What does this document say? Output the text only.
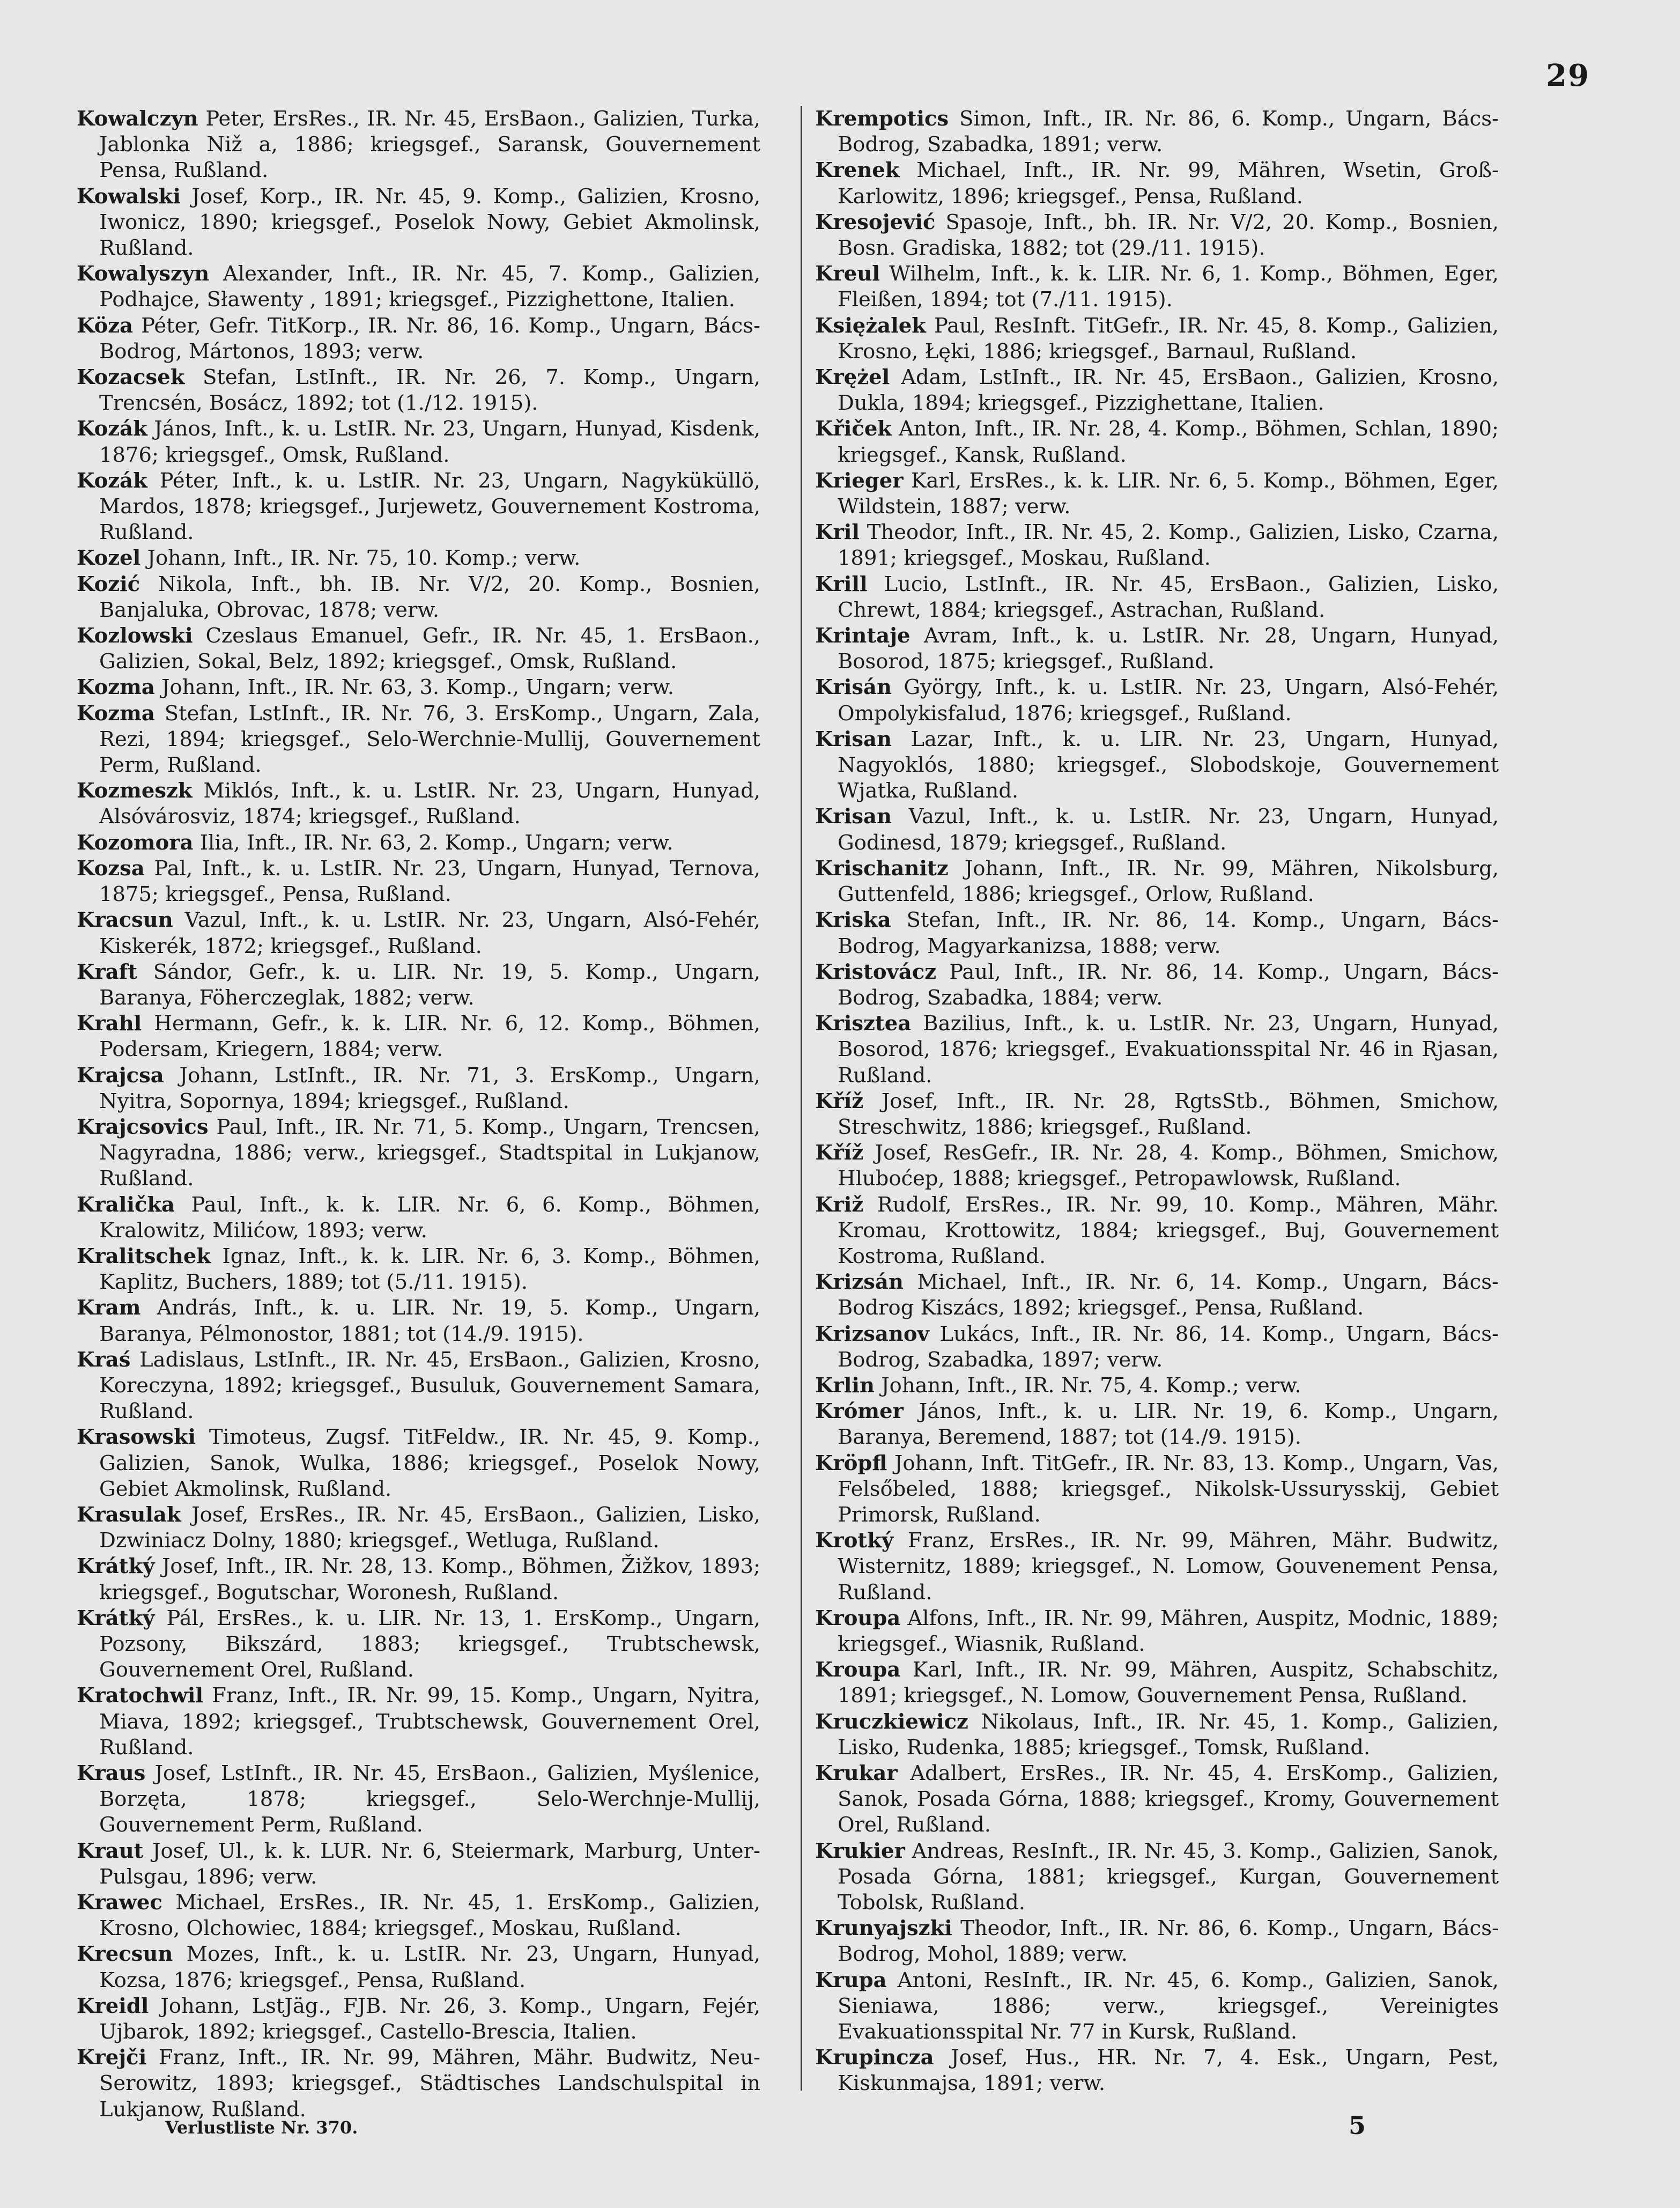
29

Kowalczyn Peter, ErsRes., IR. Nr. 45, ErsBaon., Galizien, Turka, Jablonka Niž a, 1886; kriegsgef., Saransk, Gouvernement Pensa, Rußland.

Kowalski Josef, Korp., IR. Nr. 45, 9. Komp., Galizien, Krosno, Iwonicz, 1890; kriegsgef., Poselok Nowy, Gebiet Akmolinsk, Rußland.

Kowalyszyn Alexander, Inft., IR. Nr. 45, 7. Komp., Galizien, Podhajce, Sławenty , 1891; kriegsgef., Pizzighettone, Italien.

Köza Péter, Gefr. TitKorp., IR. Nr. 86, 16. Komp., Ungarn, Bács-Bodrog, Mártonos, 1893; verw.

Kozacsek Stefan, LstInft., IR. Nr. 26, 7. Komp., Ungarn, Trencsén, Bosácz, 1892; tot (1./12. 1915).

Kozák János, Inft., k. u. LstIR. Nr. 23, Ungarn, Hunyad, Kisdenk, 1876; kriegsgef., Omsk, Rußland.

Kozák Péter, Inft., k. u. LstIR. Nr. 23, Ungarn, Nagyküküllö, Mardos, 1878; kriegsgef., Jurjewetz, Gouvernement Kostroma, Rußland.

Kozel Johann, Inft., IR. Nr. 75, 10. Komp.; verw.

Kozić Nikola, Inft., bh. IB. Nr. V/2, 20. Komp., Bosnien, Banjaluka, Obrovac, 1878; verw.

Kozlowski Czeslaus Emanuel, Gefr., IR. Nr. 45, 1. ErsBaon., Galizien, Sokal, Belz, 1892; kriegsgef., Omsk, Rußland.

Kozma Johann, Inft., IR. Nr. 63, 3. Komp., Ungarn; verw.

Kozma Stefan, LstInft., IR. Nr. 76, 3. ErsKomp., Ungarn, Zala, Rezi, 1894; kriegsgef., Selo-Werchnie-Mullij, Gouvernement Perm, Rußland.

Kozmeszk Miklós, Inft., k. u. LstIR. Nr. 23, Ungarn, Hunyad, Alsóvárosviz, 1874; kriegsgef., Rußland.

Kozomora Ilia, Inft., IR. Nr. 63, 2. Komp., Ungarn; verw.

Kozsa Pal, Inft., k. u. LstIR. Nr. 23, Ungarn, Hunyad, Ternova, 1875; kriegsgef., Pensa, Rußland.

Kracsun Vazul, Inft., k. u. LstIR. Nr. 23, Ungarn, Alsó-Fehér, Kiskerék, 1872; kriegsgef., Rußland.

Kraft Sándor, Gefr., k. u. LIR. Nr. 19, 5. Komp., Ungarn, Baranya, Föherczeglak, 1882; verw.

Krahl Hermann, Gefr., k. k. LIR. Nr. 6, 12. Komp., Böhmen, Podersam, Kriegern, 1884; verw.

Krajcsa Johann, LstInft., IR. Nr. 71, 3. ErsKomp., Ungarn, Nyitra, Sopornya, 1894; kriegsgef., Rußland.

Krajcsovics Paul, Inft., IR. Nr. 71, 5. Komp., Ungarn, Trencsen, Nagyradna, 1886; verw., kriegsgef., Stadtspital in Lukjanow, Rußland.

Kralička Paul, Inft., k. k. LIR. Nr. 6, 6. Komp., Böhmen, Kralowitz, Milićow, 1893; verw.

Kralitschek Ignaz, Inft., k. k. LIR. Nr. 6, 3. Komp., Böhmen, Kaplitz, Buchers, 1889; tot (5./11. 1915).

Kram András, Inft., k. u. LIR. Nr. 19, 5. Komp., Ungarn, Baranya, Pélmonostor, 1881; tot (14./9. 1915).

Kraś Ladislaus, LstInft., IR. Nr. 45, ErsBaon., Galizien, Krosno, Koreczyna, 1892; kriegsgef., Busuluk, Gouvernement Samara, Rußland.

Krasowski Timoteus, Zugsf. TitFeldw., IR. Nr. 45, 9. Komp., Galizien, Sanok, Wulka, 1886; kriegsgef., Poselok Nowy, Gebiet Akmolinsk, Rußland.

Krasulak Josef, ErsRes., IR. Nr. 45, ErsBaon., Galizien, Lisko, Dzwiniacz Dolny, 1880; kriegsgef., Wetluga, Rußland.

Krátký Josef, Inft., IR. Nr. 28, 13. Komp., Böhmen, Žižkov, 1893; kriegsgef., Bogutschar, Woronesh, Rußland.

Krátký Pál, ErsRes., k. u. LIR. Nr. 13, 1. ErsKomp., Ungarn, Pozsony, Bikszárd, 1883; kriegsgef., Trubtschewsk, Gouvernement Orel, Rußland.

Kratochwil Franz, Inft., IR. Nr. 99, 15. Komp., Ungarn, Nyitra, Miava, 1892; kriegsgef., Trubtschewsk, Gouvernement Orel, Rußland.

Kraus Josef, LstInft., IR. Nr. 45, ErsBaon., Galizien, Myślenice, Borzęta, 1878; kriegsgef., Selo-Werchnje-Mullij, Gouvernement Perm, Rußland.

Kraut Josef, Ul., k. k. LUR. Nr. 6, Steiermark, Marburg, Unter-Pulsgau, 1896; verw.

Krawec Michael, ErsRes., IR. Nr. 45, 1. ErsKomp., Galizien, Krosno, Olchowiec, 1884; kriegsgef., Moskau, Rußland.

Krecsun Mozes, Inft., k. u. LstIR. Nr. 23, Ungarn, Hunyad, Kozsa, 1876; kriegsgef., Pensa, Rußland.

Kreidl Johann, LstJäg., FJB. Nr. 26, 3. Komp., Ungarn, Fejér, Ujbarok, 1892; kriegsgef., Castello-Brescia, Italien.

Krejči Franz, Inft., IR. Nr. 99, Mähren, Mähr. Budwitz, Neu-Serowitz, 1893; kriegsgef., Städtisches Landschulspital in Lukjanow, Rußland.

Krempotics Simon, Inft., IR. Nr. 86, 6. Komp., Ungarn, Bács-Bodrog, Szabadka, 1891; verw.

Krenek Michael, Inft., IR. Nr. 99, Mähren, Wsetin, Groß-Karlowitz, 1896; kriegsgef., Pensa, Rußland.

Kresojević Spasoje, Inft., bh. IR. Nr. V/2, 20. Komp., Bosnien, Bosn. Gradiska, 1882; tot (29./11. 1915).

Kreul Wilhelm, Inft., k. k. LIR. Nr. 6, 1. Komp., Böhmen, Eger, Fleißen, 1894; tot (7./11. 1915).

Księżalek Paul, ResInft. TitGefr., IR. Nr. 45, 8. Komp., Galizien, Krosno, Łęki, 1886; kriegsgef., Barnaul, Rußland.

Krężel Adam, LstInft., IR. Nr. 45, ErsBaon., Galizien, Krosno, Dukla, 1894; kriegsgef., Pizzighettane, Italien.

Křiček Anton, Inft., IR. Nr. 28, 4. Komp., Böhmen, Schlan, 1890; kriegsgef., Kansk, Rußland.

Krieger Karl, ErsRes., k. k. LIR. Nr. 6, 5. Komp., Böhmen, Eger, Wildstein, 1887; verw.

Kril Theodor, Inft., IR. Nr. 45, 2. Komp., Galizien, Lisko, Czarna, 1891; kriegsgef., Moskau, Rußland.

Krill Lucio, LstInft., IR. Nr. 45, ErsBaon., Galizien, Lisko, Chrewt, 1884; kriegsgef., Astrachan, Rußland.

Krintaje Avram, Inft., k. u. LstIR. Nr. 28, Ungarn, Hunyad, Bosorod, 1875; kriegsgef., Rußland.

Krisán György, Inft., k. u. LstIR. Nr. 23, Ungarn, Alsó-Fehér, Ompolykisfalud, 1876; kriegsgef., Rußland.

Krisan Lazar, Inft., k. u. LIR. Nr. 23, Ungarn, Hunyad, Nagyoklós, 1880; kriegsgef., Slobodskoje, Gouvernement Wjatka, Rußland.

Krisan Vazul, Inft., k. u. LstIR. Nr. 23, Ungarn, Hunyad, Godinesd, 1879; kriegsgef., Rußland.

Krischanitz Johann, Inft., IR. Nr. 99, Mähren, Nikolsburg, Guttenfeld, 1886; kriegsgef., Orlow, Rußland.

Kriska Stefan, Inft., IR. Nr. 86, 14. Komp., Ungarn, Bács-Bodrog, Magyarkanizsa, 1888; verw.

Kristovácz Paul, Inft., IR. Nr. 86, 14. Komp., Ungarn, Bács-Bodrog, Szabadka, 1884; verw.

Krisztea Bazilius, Inft., k. u. LstIR. Nr. 23, Ungarn, Hunyad, Bosorod, 1876; kriegsgef., Evakuationsspital Nr. 46 in Rjasan, Rußland.

Kříž Josef, Inft., IR. Nr. 28, RgtsStb., Böhmen, Smichow, Streschwitz, 1886; kriegsgef., Rußland.

Kříž Josef, ResGefr., IR. Nr. 28, 4. Komp., Böhmen, Smichow, Hluboćep, 1888; kriegsgef., Petropawlowsk, Rußland.

Križ Rudolf, ErsRes., IR. Nr. 99, 10. Komp., Mähren, Mähr. Kromau, Krottowitz, 1884; kriegsgef., Buj, Gouvernement Kostroma, Rußland.

Krizsán Michael, Inft., IR. Nr. 6, 14. Komp., Ungarn, Bács-Bodrog Kiszács, 1892; kriegsgef., Pensa, Rußland.

Krizsanov Lukács, Inft., IR. Nr. 86, 14. Komp., Ungarn, Bács-Bodrog, Szabadka, 1897; verw.

Krlin Johann, Inft., IR. Nr. 75, 4. Komp.; verw.

Krómer János, Inft., k. u. LIR. Nr. 19, 6. Komp., Ungarn, Baranya, Beremend, 1887; tot (14./9. 1915).

Kröpfl Johann, Inft. TitGefr., IR. Nr. 83, 13. Komp., Ungarn, Vas, Felsőbeled, 1888; kriegsgef., Nikolsk-Ussurysskij, Gebiet Primorsk, Rußland.

Krotký Franz, ErsRes., IR. Nr. 99, Mähren, Mähr. Budwitz, Wisternitz, 1889; kriegsgef., N. Lomow, Gouvenement Pensa, Rußland.

Kroupa Alfons, Inft., IR. Nr. 99, Mähren, Auspitz, Modnic, 1889; kriegsgef., Wiasnik, Rußland.

Kroupa Karl, Inft., IR. Nr. 99, Mähren, Auspitz, Schabschitz, 1891; kriegsgef., N. Lomow, Gouvernement Pensa, Rußland.

Kruczkiewicz Nikolaus, Inft., IR. Nr. 45, 1. Komp., Galizien, Lisko, Rudenka, 1885; kriegsgef., Tomsk, Rußland.

Krukar Adalbert, ErsRes., IR. Nr. 45, 4. ErsKomp., Galizien, Sanok, Posada Górna, 1888; kriegsgef., Kromy, Gouvernement Orel, Rußland.

Krukier Andreas, ResInft., IR. Nr. 45, 3. Komp., Galizien, Sanok, Posada Górna, 1881; kriegsgef., Kurgan, Gouvernement Tobolsk, Rußland.

Krunyajszki Theodor, Inft., IR. Nr. 86, 6. Komp., Ungarn, Bács-Bodrog, Mohol, 1889; verw.

Krupa Antoni, ResInft., IR. Nr. 45, 6. Komp., Galizien, Sanok, Sieniawa, 1886; verw., kriegsgef., Vereinigtes Evakuationsspital Nr. 77 in Kursk, Rußland.

Krupincza Josef, Hus., HR. Nr. 7, 4. Esk., Ungarn, Pest, Kiskunmajsa, 1891; verw.

Verlustliste Nr. 370.	5
